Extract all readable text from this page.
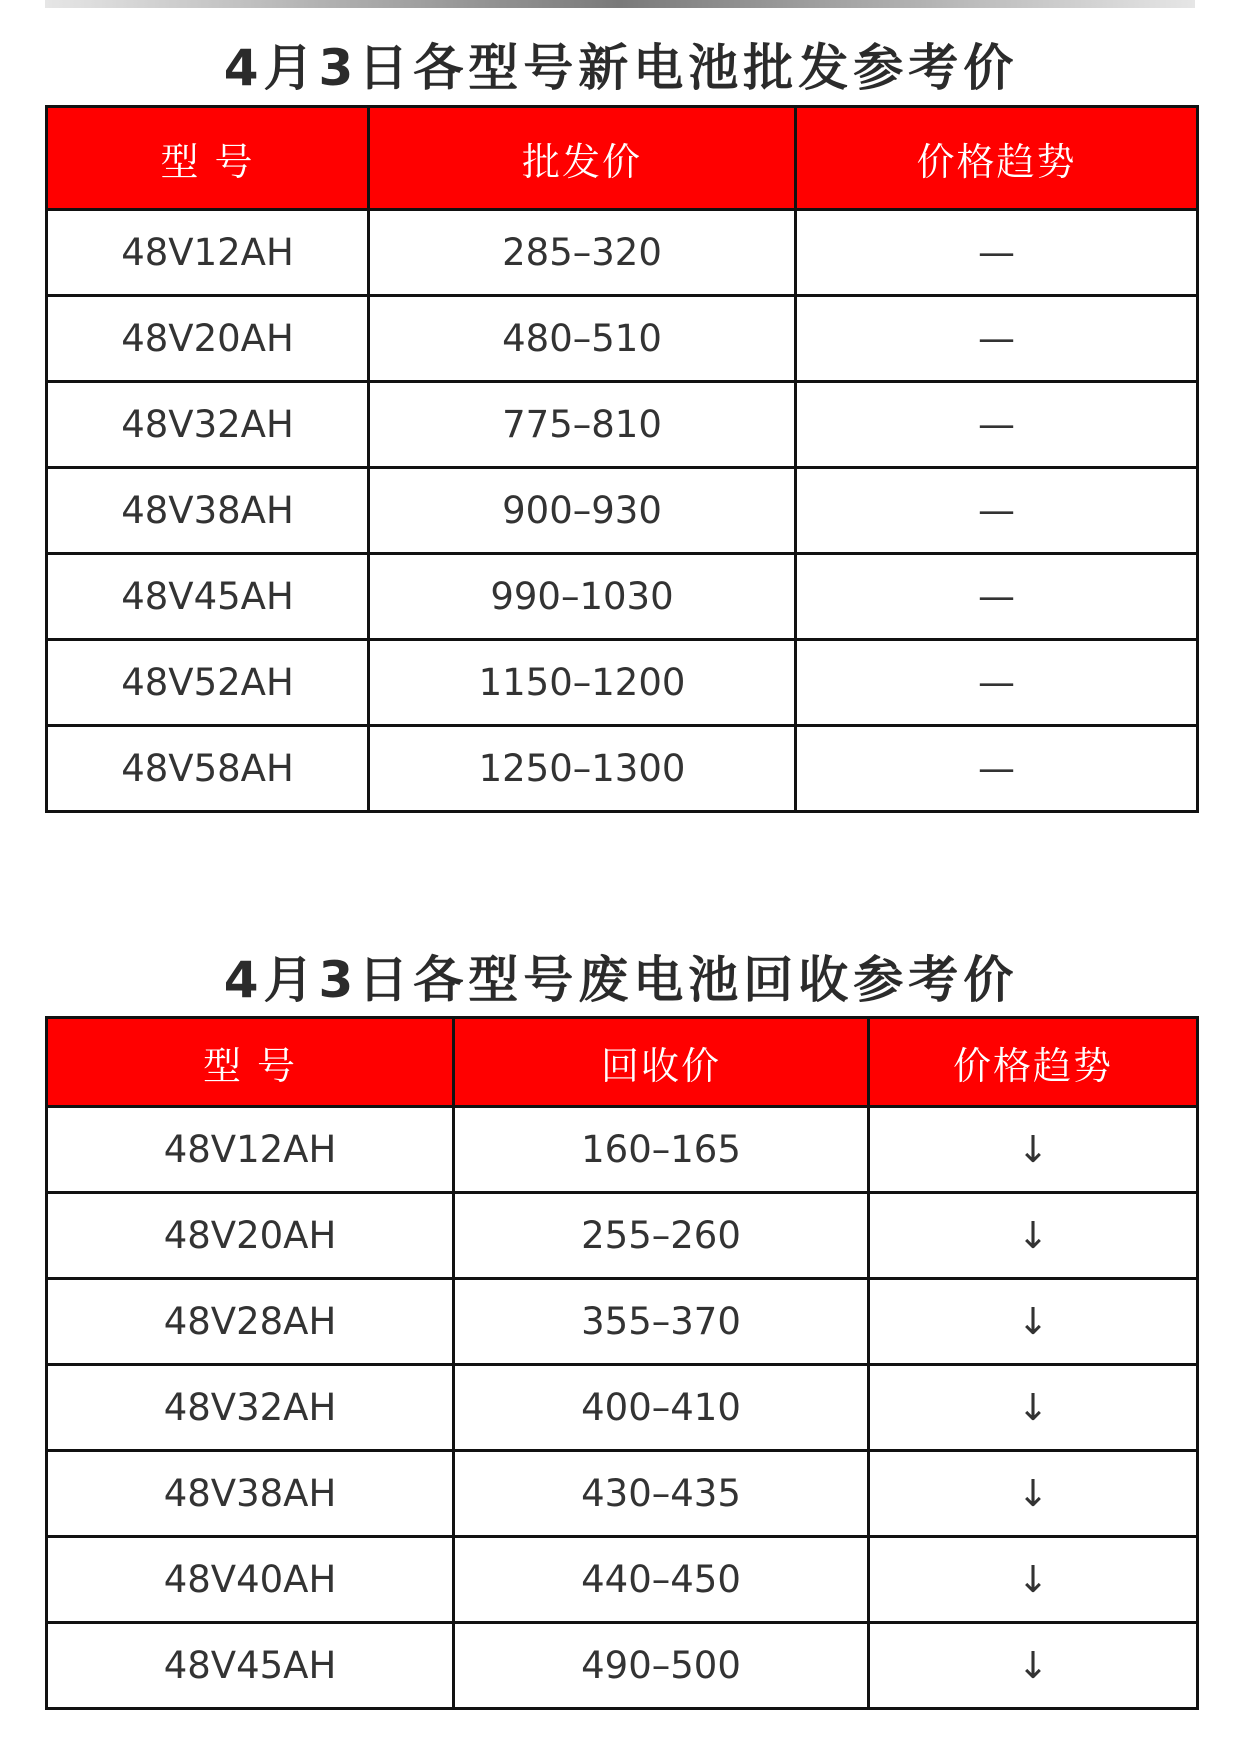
4月3日各型号新电池批发参考价
型 号	批发价	价格趋势
48V12AH	285–320	—
48V20AH	480–510	—
48V32AH	775–810	—
48V38AH	900–930	—
48V45AH	990–1030	—
48V52AH	1150–1200	—
48V58AH	1250–1300	—
4月3日各型号废电池回收参考价
型 号	回收价	价格趋势
48V12AH	160–165	↓
48V20AH	255–260	↓
48V28AH	355–370	↓
48V32AH	400–410	↓
48V38AH	430–435	↓
48V40AH	440–450	↓
48V45AH	490–500	↓
